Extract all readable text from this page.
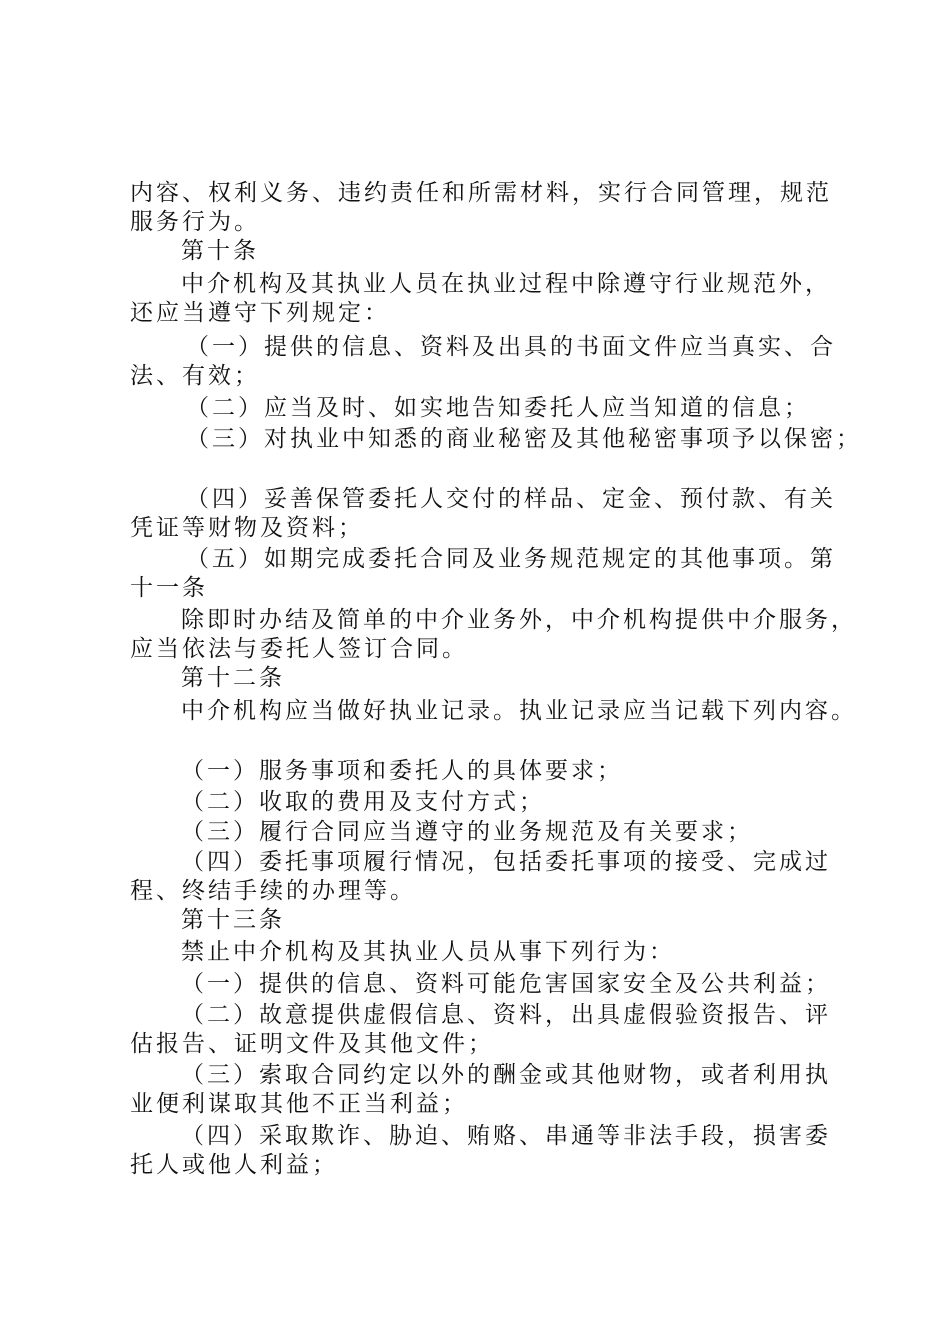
内容、权利义务、违约责任和所需材料，实行合同管理，规范
服务行为。
第十条
中介机构及其执业人员在执业过程中除遵守行业规范外，
还应当遵守下列规定：
（一）提供的信息、资料及出具的书面文件应当真实、合
法、有效；
（二）应当及时、如实地告知委托人应当知道的信息；
（三）对执业中知悉的商业秘密及其他秘密事项予以保密；
（四）妥善保管委托人交付的样品、定金、预付款、有关
凭证等财物及资料；
（五）如期完成委托合同及业务规范规定的其他事项。第
十一条
除即时办结及简单的中介业务外，中介机构提供中介服务，
应当依法与委托人签订合同。
第十二条
中介机构应当做好执业记录。执业记录应当记载下列内容。
（一）服务事项和委托人的具体要求；
（二）收取的费用及支付方式；
（三）履行合同应当遵守的业务规范及有关要求；
（四）委托事项履行情况，包括委托事项的接受、完成过
程、终结手续的办理等。
第十三条
禁止中介机构及其执业人员从事下列行为：
（一）提供的信息、资料可能危害国家安全及公共利益；
（二）故意提供虚假信息、资料，出具虚假验资报告、评
估报告、证明文件及其他文件；
（三）索取合同约定以外的酬金或其他财物，或者利用执
业便利谋取其他不正当利益；
（四）采取欺诈、胁迫、贿赂、串通等非法手段，损害委
托人或他人利益；
